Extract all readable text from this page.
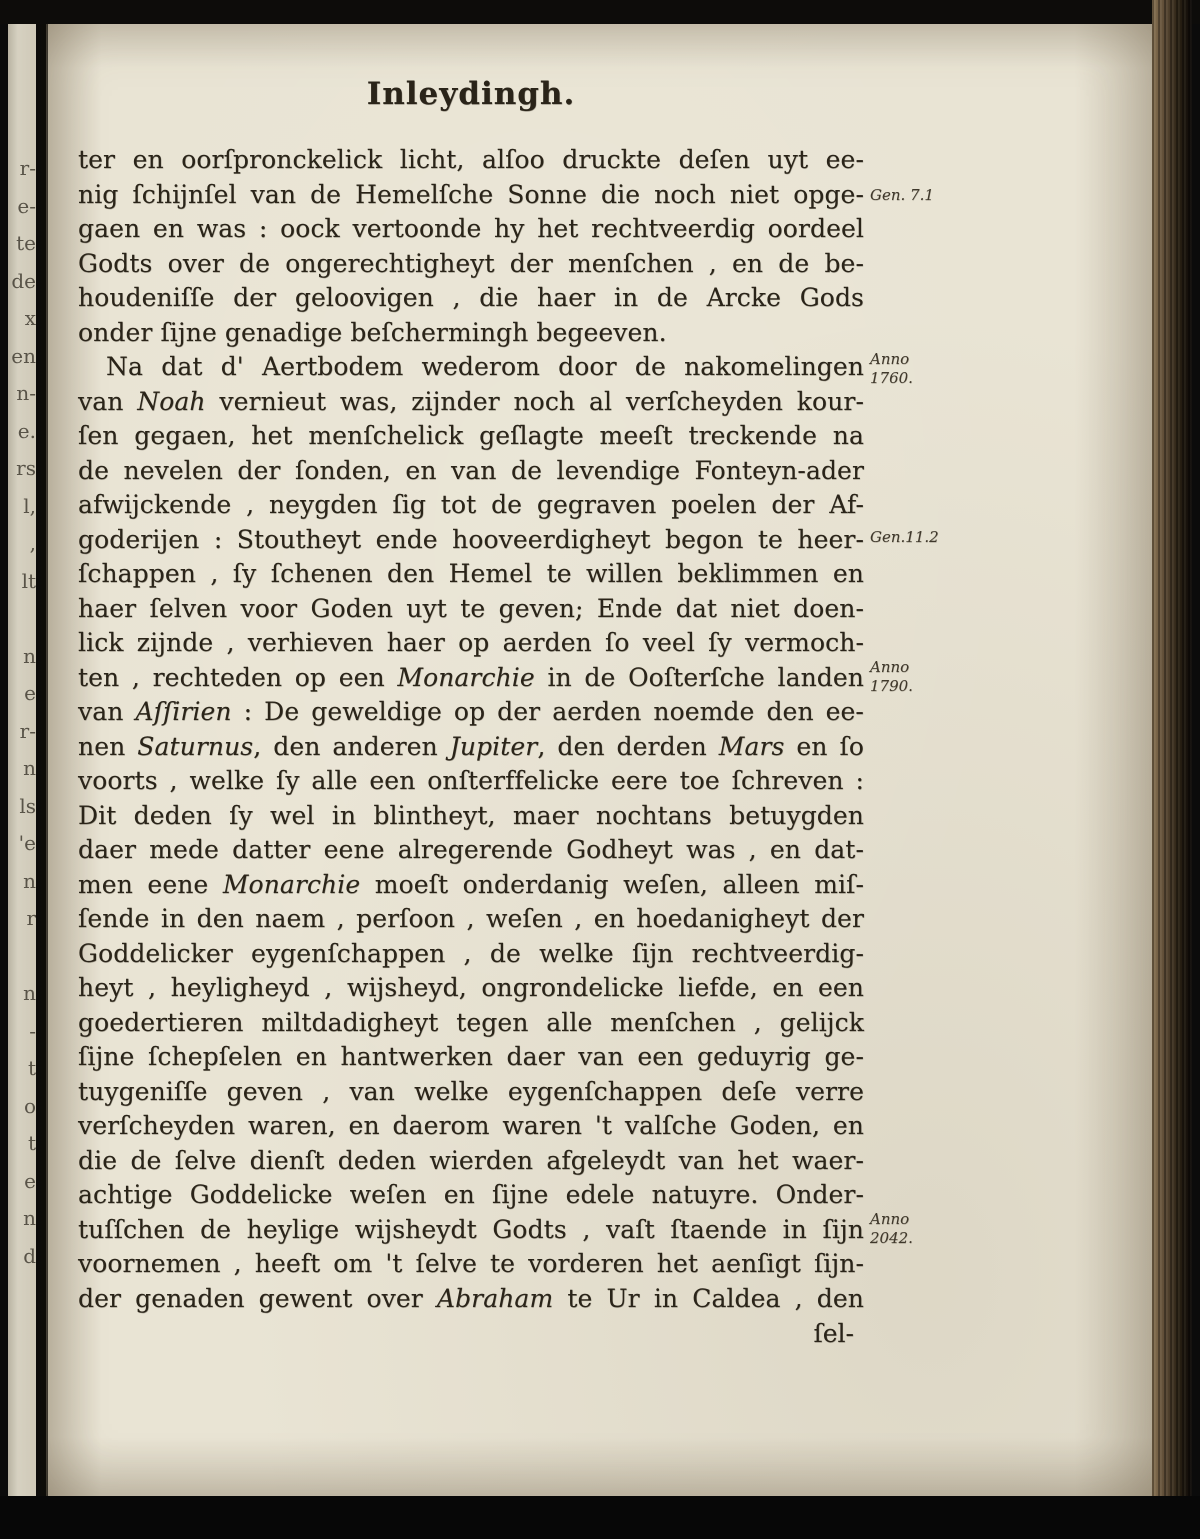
r-
e-
te
de
x
en
n-
e.
rs
l,
,
lt
n
e
r-
n
ls
'e
n
r
n
-
t
o
t
e
n
d
Inleydingh.
ter en oorſpronckelick licht, alſoo druckte deſen uyt ee-
nig ſchijnſel van de Hemelſche Sonne die noch niet opge-
gaen en was : oock vertoonde hy het rechtveerdig oordeel
Godts over de ongerechtigheyt der menſchen , en de be-
houdeniſſe der geloovigen , die haer in de Arcke Gods
onder ſijne genadige beſchermingh begeeven.
Na dat d' Aertbodem wederom door de nakomelingen
van Noah vernieut was, zijnder noch al verſcheyden kour-
ſen gegaen, het menſchelick geſlagte meeſt treckende na
de nevelen der ſonden, en van de levendige Fonteyn-ader
afwijckende , neygden ſig tot de gegraven poelen der Af-
goderijen : Stoutheyt ende hooveerdigheyt begon te heer-
ſchappen , ſy ſchenen den Hemel te willen beklimmen en
haer ſelven voor Goden uyt te geven; Ende dat niet doen-
lick zijnde , verhieven haer op aerden ſo veel ſy vermoch-
ten , rechteden op een Monarchie in de Ooſterſche landen
van Aſſirien : De geweldige op der aerden noemde den ee-
nen Saturnus, den anderen Jupiter, den derden Mars en ſo
voorts , welke ſy alle een onſterffelicke eere toe ſchreven :
Dit deden ſy wel in blintheyt, maer nochtans betuygden
daer mede datter eene alregerende Godheyt was , en dat-
men eene Monarchie moeſt onderdanig weſen, alleen miſ-
ſende in den naem , perſoon , weſen , en hoedanigheyt der
Goddelicker eygenſchappen , de welke ſijn rechtveerdig-
heyt , heyligheyd , wijsheyd, ongrondelicke liefde, en een
goedertieren miltdadigheyt tegen alle menſchen , gelijck
ſijne ſchepſelen en hantwerken daer van een geduyrig ge-
tuygeniſſe geven , van welke eygenſchappen deſe verre
verſcheyden waren, en daerom waren 't valſche Goden, en
die de ſelve dienſt deden wierden afgeleydt van het waer-
achtige Goddelicke weſen en ſijne edele natuyre. Onder-
tuſſchen de heylige wijsheydt Godts , vaſt ſtaende in ſijn
voornemen , heeft om 't ſelve te vorderen het aenſigt ſijn-
der genaden gewent over Abraham te Ur in Caldea , den
ſel-
Gen. 7.1
Anno
1760.
Gen.11.2
Anno
1790.
Anno
2042.
